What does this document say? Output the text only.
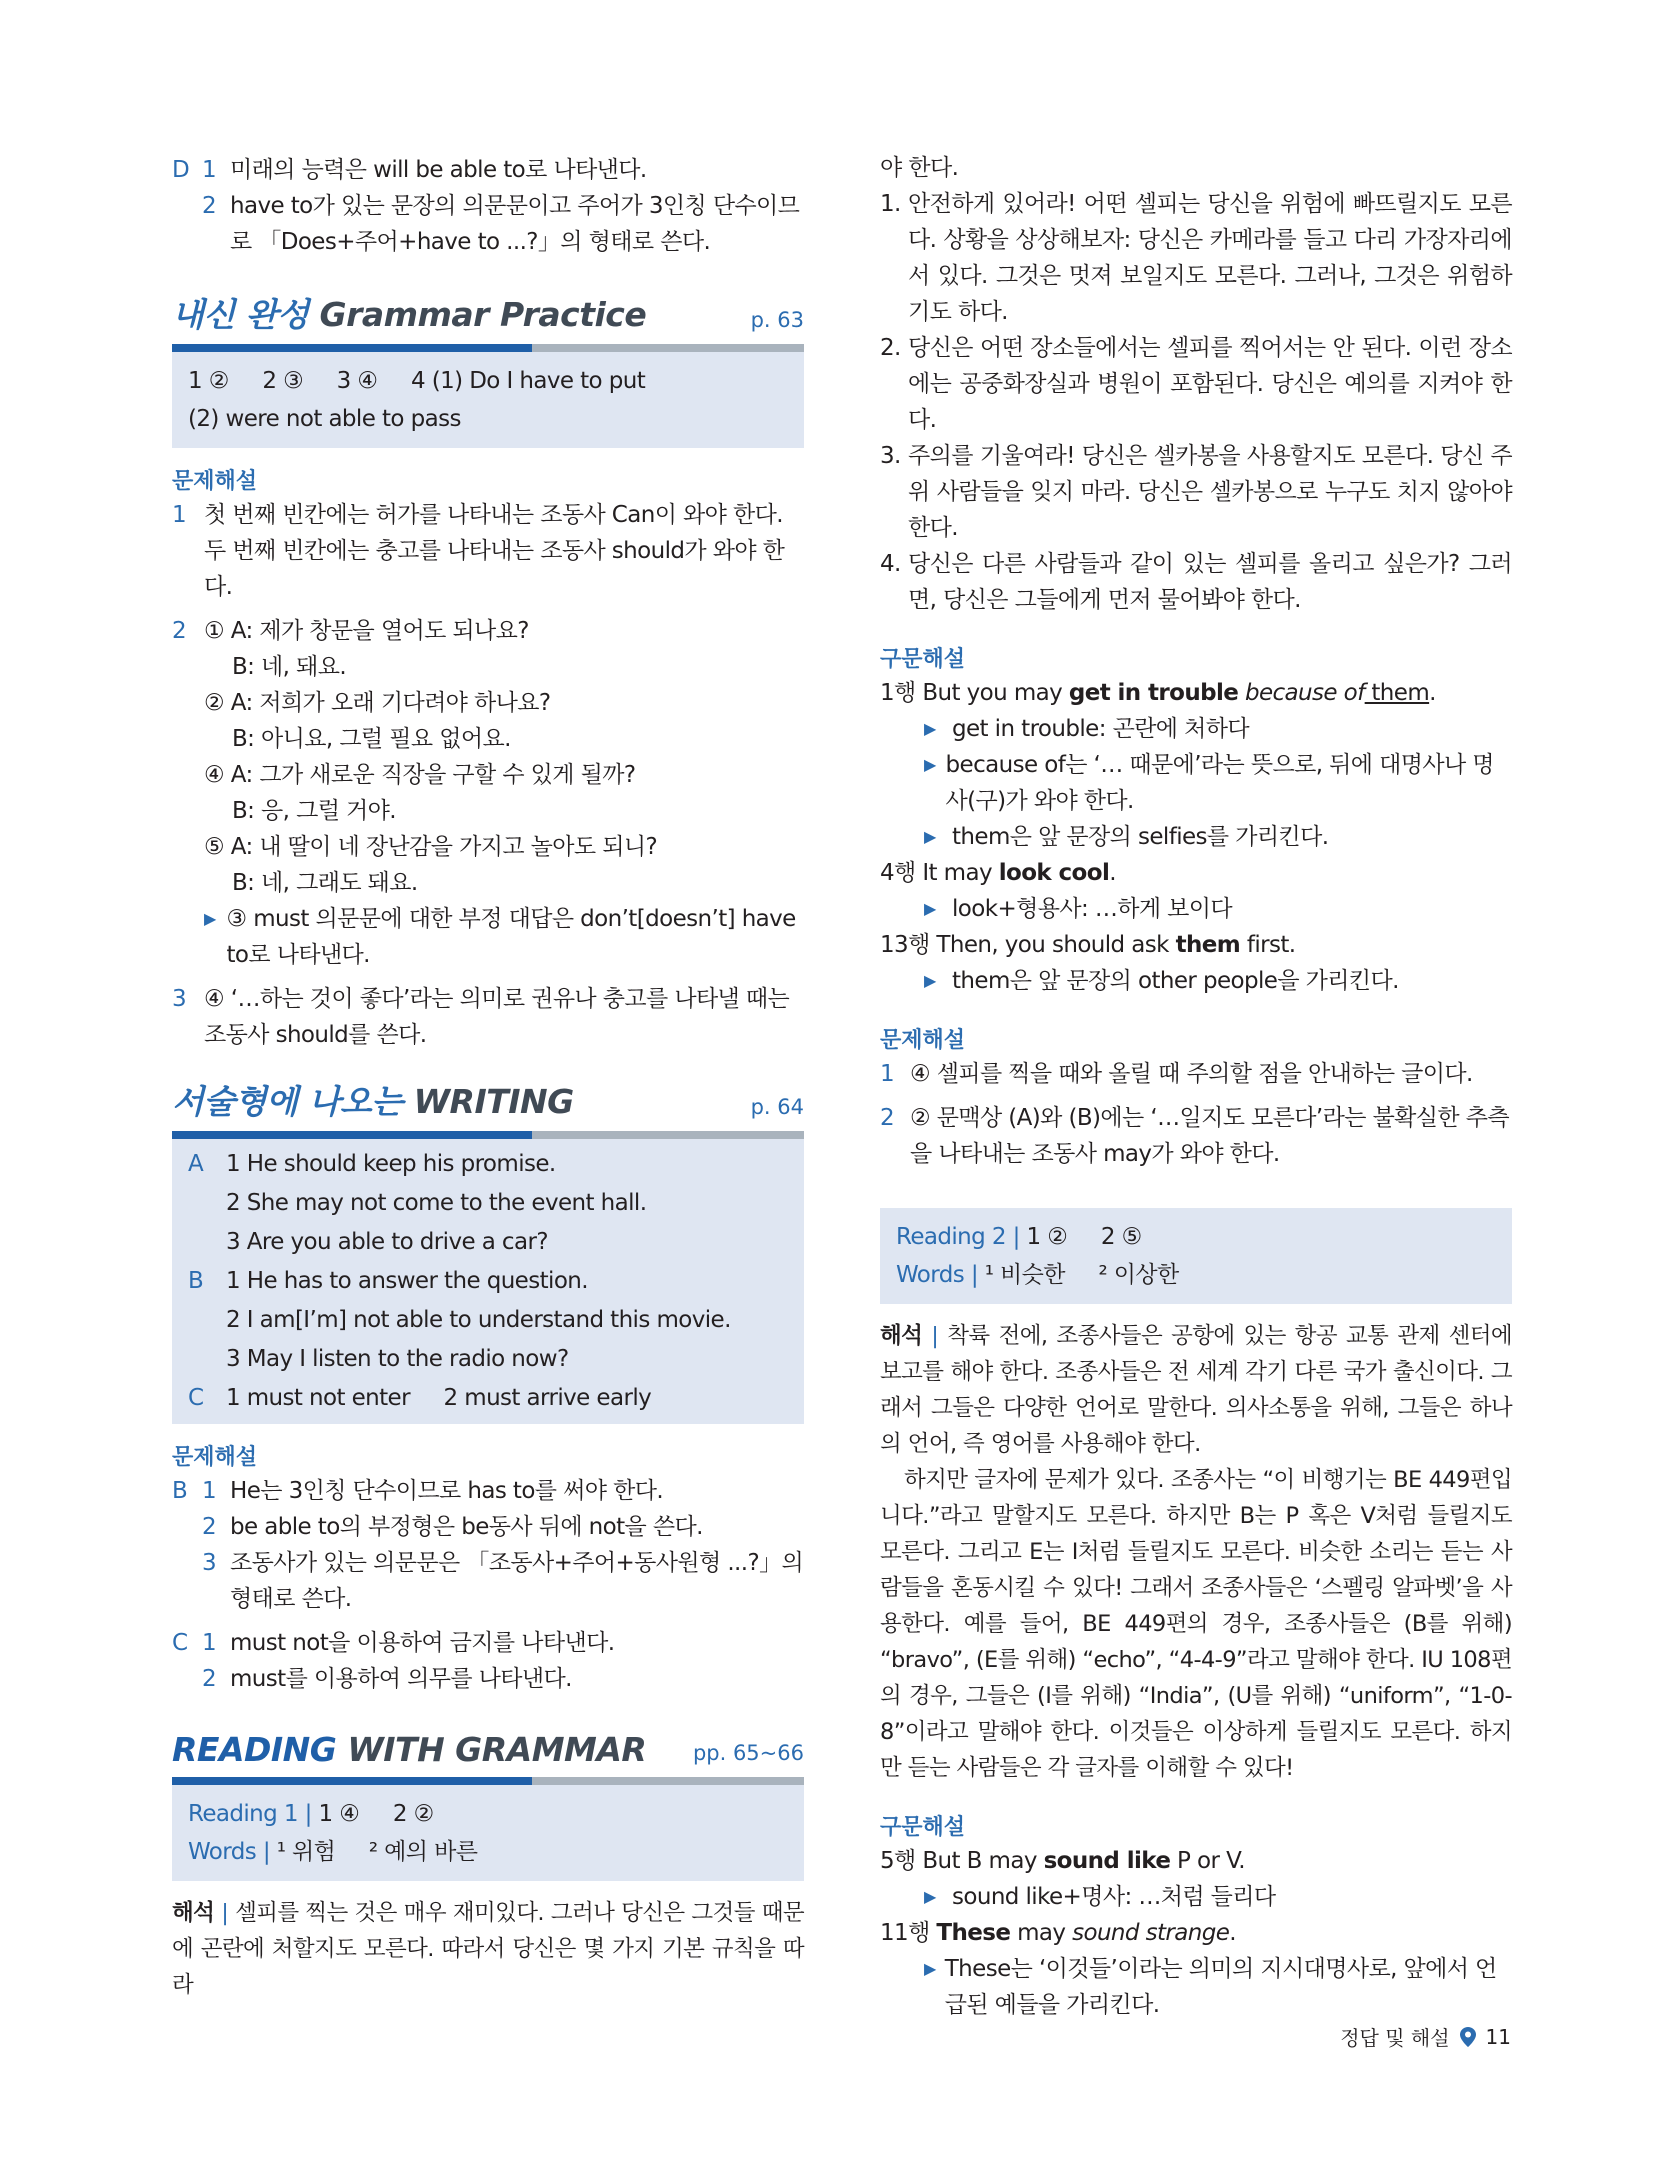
D 1 미래의 능력은 will be able to로 나타낸다.
2 have to가 있는 문장의 의문문이고 주어가 3인칭 단수이므로 「Does+주어+have to ...?」의 형태로 쓴다.
내신 완성 Grammar Practice	p. 63
1 ②     2 ③     3 ④     4 (1) Do I have to put
(2) were not able to pass
문제해설
1 첫 번째 빈칸에는 허가를 나타내는 조동사 Can이 와야 한다. 두 번째 빈칸에는 충고를 나타내는 조동사 should가 와야 한다.
2 ① A: 제가 창문을 열어도 되나요?
B: 네, 돼요.
② A: 저희가 오래 기다려야 하나요?
B: 아니요, 그럴 필요 없어요.
④ A: 그가 새로운 직장을 구할 수 있게 될까?
B: 응, 그럴 거야.
⑤ A: 내 딸이 네 장난감을 가지고 놀아도 되니?
B: 네, 그래도 돼요.
▶ ③ must 의문문에 대한 부정 대답은 don’t[doesn’t] have to로 나타낸다.
3 ④ ‘…하는 것이 좋다’라는 의미로 권유나 충고를 나타낼 때는 조동사 should를 쓴다.
서술형에 나오는 WRITING	p. 64
A 1 He should keep his promise.
2 She may not come to the event hall.
3 Are you able to drive a car?
B 1 He has to answer the question.
2 I am[I’m] not able to understand this movie.
3 May I listen to the radio now?
C 1 must not enter     2 must arrive early
문제해설
B 1 He는 3인칭 단수이므로 has to를 써야 한다.
2 be able to의 부정형은 be동사 뒤에 not을 쓴다.
3 조동사가 있는 의문문은 「조동사+주어+동사원형 ...?」의 형태로 쓴다.
C 1 must not을 이용하여 금지를 나타낸다.
2 must를 이용하여 의무를 나타낸다.
READING WITH GRAMMAR pp. 65~66
Reading 1 | 1 ④     2 ②
Words | ¹ 위험     ² 예의 바른
해석 | 셀피를 찍는 것은 매우 재미있다. 그러나 당신은 그것들 때문에 곤란에 처할지도 모른다. 따라서 당신은 몇 가지 기본 규칙을 따라
야 한다.
1. 안전하게 있어라! 어떤 셀피는 당신을 위험에 빠뜨릴지도 모른다. 상황을 상상해보자: 당신은 카메라를 들고 다리 가장자리에 서 있다. 그것은 멋져 보일지도 모른다. 그러나, 그것은 위험하기도 하다.
2. 당신은 어떤 장소들에서는 셀피를 찍어서는 안 된다. 이런 장소에는 공중화장실과 병원이 포함된다. 당신은 예의를 지켜야 한다.
3. 주의를 기울여라! 당신은 셀카봉을 사용할지도 모른다. 당신 주위 사람들을 잊지 마라. 당신은 셀카봉으로 누구도 치지 않아야 한다.
4. 당신은 다른 사람들과 같이 있는 셀피를 올리고 싶은가? 그러면, 당신은 그들에게 먼저 물어봐야 한다.
구문해설
1행 But you may get in trouble because of them.
▶ get in trouble: 곤란에 처하다
▶ because of는 ‘… 때문에’라는 뜻으로, 뒤에 대명사나 명사(구)가 와야 한다.
▶ them은 앞 문장의 selfies를 가리킨다.
4행 It may look cool.
▶ look+형용사: …하게 보이다
13행 Then, you should ask them first.
▶ them은 앞 문장의 other people을 가리킨다.
문제해설
1 ④ 셀피를 찍을 때와 올릴 때 주의할 점을 안내하는 글이다.
2 ② 문맥상 (A)와 (B)에는 ‘…일지도 모른다’라는 불확실한 추측을 나타내는 조동사 may가 와야 한다.
Reading 2 | 1 ②     2 ⑤
Words | ¹ 비슷한     ² 이상한
해석 | 착륙 전에, 조종사들은 공항에 있는 항공 교통 관제 센터에 보고를 해야 한다. 조종사들은 전 세계 각기 다른 국가 출신이다. 그래서 그들은 다양한 언어로 말한다. 의사소통을 위해, 그들은 하나의 언어, 즉 영어를 사용해야 한다.
하지만 글자에 문제가 있다. 조종사는 “이 비행기는 BE 449편입니다.”라고 말할지도 모른다. 하지만 B는 P 혹은 V처럼 들릴지도 모른다. 그리고 E는 I처럼 들릴지도 모른다. 비슷한 소리는 듣는 사람들을 혼동시킬 수 있다! 그래서 조종사들은 ‘스펠링 알파벳’을 사용한다. 예를 들어, BE 449편의 경우, 조종사들은 (B를 위해) “bravo”, (E를 위해) “echo”, “4-4-9”라고 말해야 한다. IU 108편의 경우, 그들은 (I를 위해) “India”, (U를 위해) “uniform”, “1-0-8”이라고 말해야 한다. 이것들은 이상하게 들릴지도 모른다. 하지만 듣는 사람들은 각 글자를 이해할 수 있다!
구문해설
5행 But B may sound like P or V.
▶ sound like+명사: …처럼 들리다
11행 These may sound strange.
▶ These는 ‘이것들’이라는 의미의 지시대명사로, 앞에서 언급된 예들을 가리킨다.
정답 및 해설 11
